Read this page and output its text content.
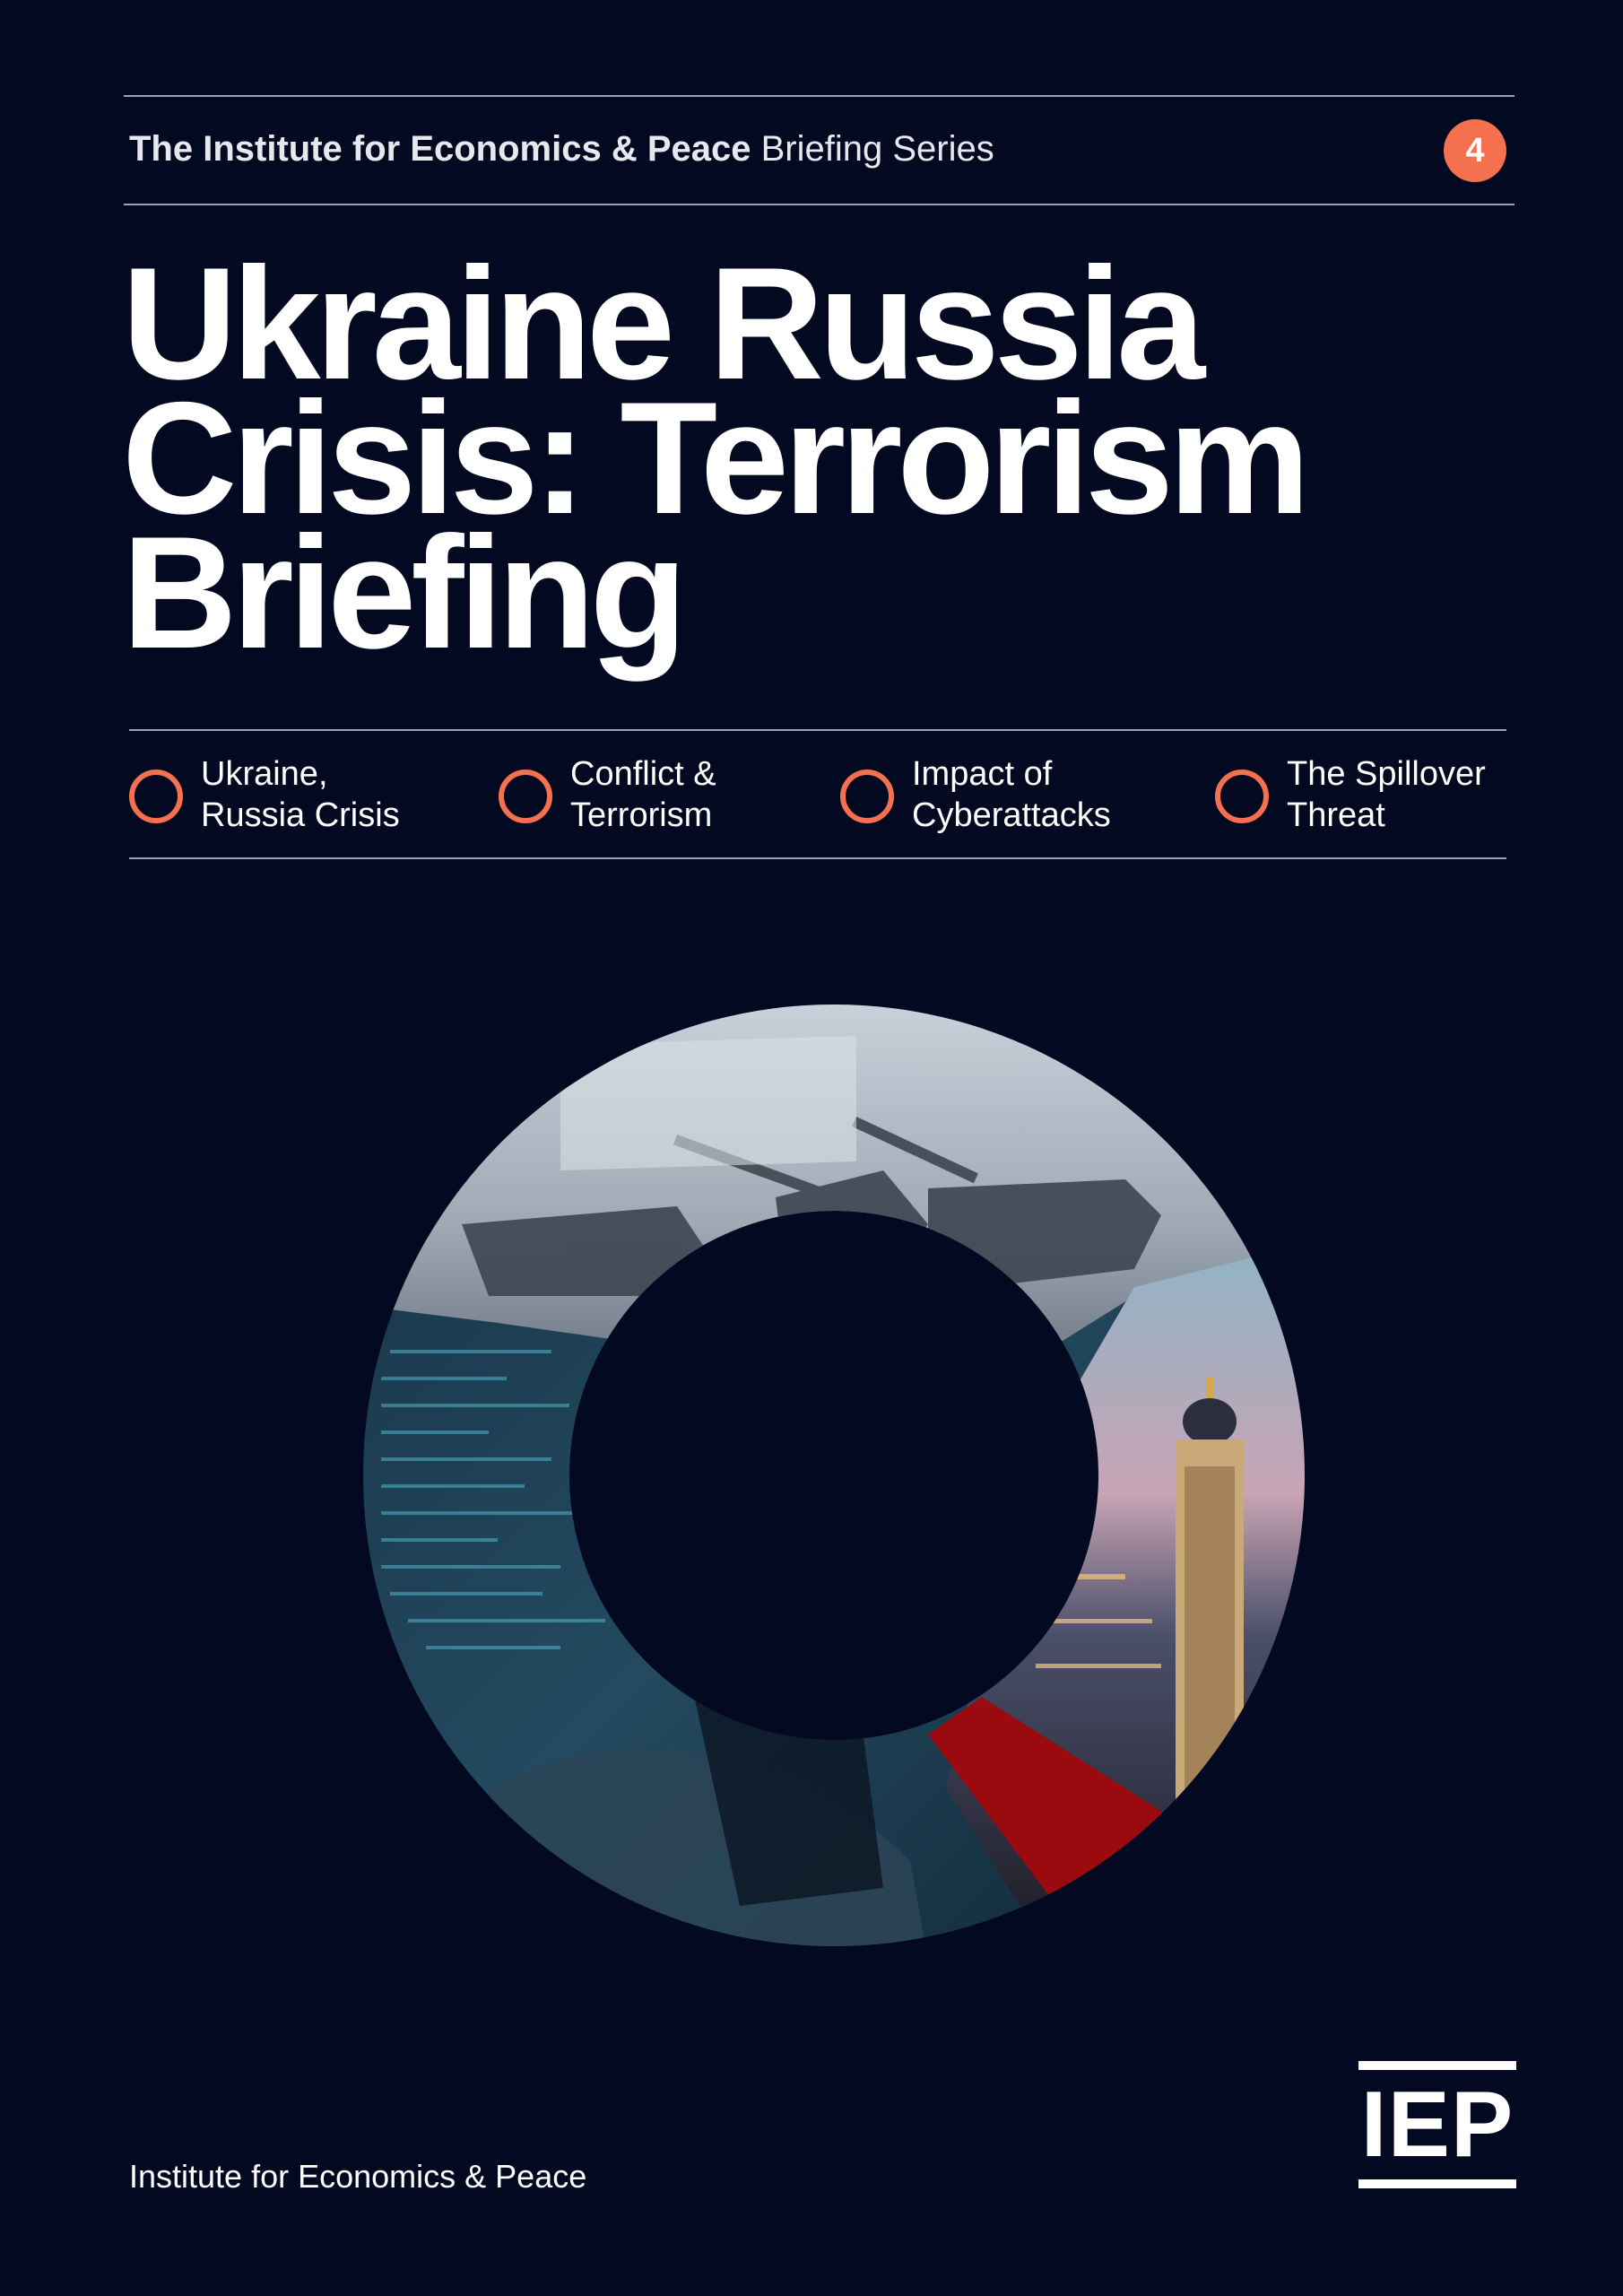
The Institute for Economics & Peace Briefing Series	4
Ukraine Russia
Crisis: Terrorism
Briefing
Ukraine,
Russia Crisis
Conflict &
Terrorism
Impact of
Cyberattacks
The Spillover
Threat
Institute for Economics & Peace	IEP
